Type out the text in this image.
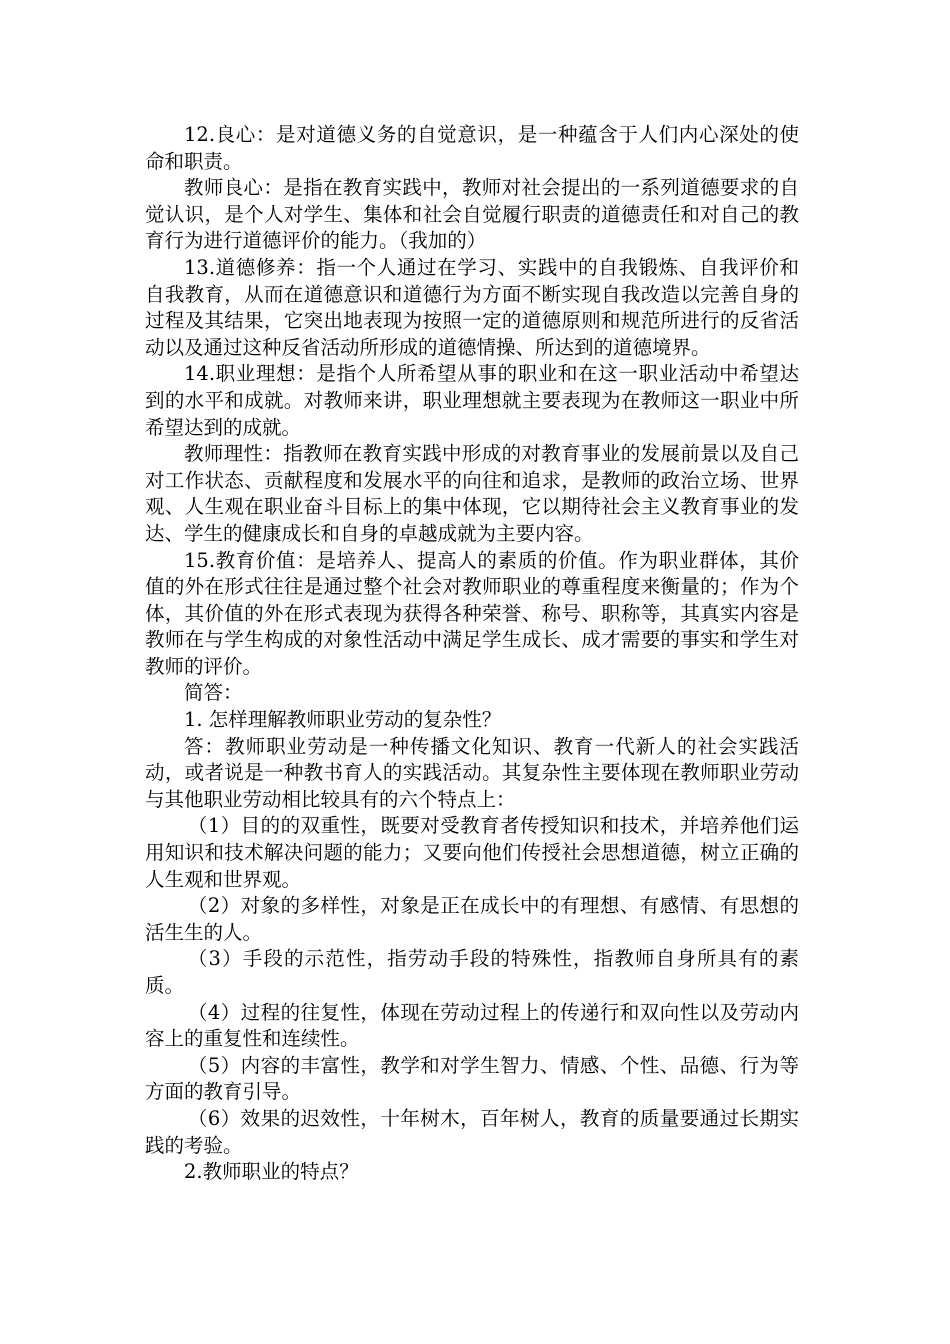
12.良心：是对道德义务的自觉意识，是一种蕴含于人们内心深处的使命和职责。

教师良心：是指在教育实践中，教师对社会提出的一系列道德要求的自觉认识，是个人对学生、集体和社会自觉履行职责的道德责任和对自己的教育行为进行道德评价的能力。（我加的）

13.道德修养：指一个人通过在学习、实践中的自我锻炼、自我评价和自我教育，从而在道德意识和道德行为方面不断实现自我改造以完善自身的过程及其结果，它突出地表现为按照一定的道德原则和规范所进行的反省活动以及通过这种反省活动所形成的道德情操、所达到的道德境界。

14.职业理想：是指个人所希望从事的职业和在这一职业活动中希望达到的水平和成就。对教师来讲，职业理想就主要表现为在教师这一职业中所希望达到的成就。

教师理性：指教师在教育实践中形成的对教育事业的发展前景以及自己对工作状态、贡献程度和发展水平的向往和追求，是教师的政治立场、世界观、人生观在职业奋斗目标上的集中体现，它以期待社会主义教育事业的发达、学生的健康成长和自身的卓越成就为主要内容。

15.教育价值：是培养人、提高人的素质的价值。作为职业群体，其价值的外在形式往往是通过整个社会对教师职业的尊重程度来衡量的；作为个体，其价值的外在形式表现为获得各种荣誉、称号、职称等，其真实内容是教师在与学生构成的对象性活动中满足学生成长、成才需要的事实和学生对教师的评价。

简答：

1. 怎样理解教师职业劳动的复杂性？

答：教师职业劳动是一种传播文化知识、教育一代新人的社会实践活动，或者说是一种教书育人的实践活动。其复杂性主要体现在教师职业劳动与其他职业劳动相比较具有的六个特点上：

（1）目的的双重性，既要对受教育者传授知识和技术，并培养他们运用知识和技术解决问题的能力；又要向他们传授社会思想道德，树立正确的人生观和世界观。

（2）对象的多样性，对象是正在成长中的有理想、有感情、有思想的活生生的人。

（3）手段的示范性，指劳动手段的特殊性，指教师自身所具有的素质。

（4）过程的往复性，体现在劳动过程上的传递行和双向性以及劳动内容上的重复性和连续性。

（5）内容的丰富性，教学和对学生智力、情感、个性、品德、行为等方面的教育引导。

（6）效果的迟效性，十年树木，百年树人，教育的质量要通过长期实践的考验。

2.教师职业的特点？
